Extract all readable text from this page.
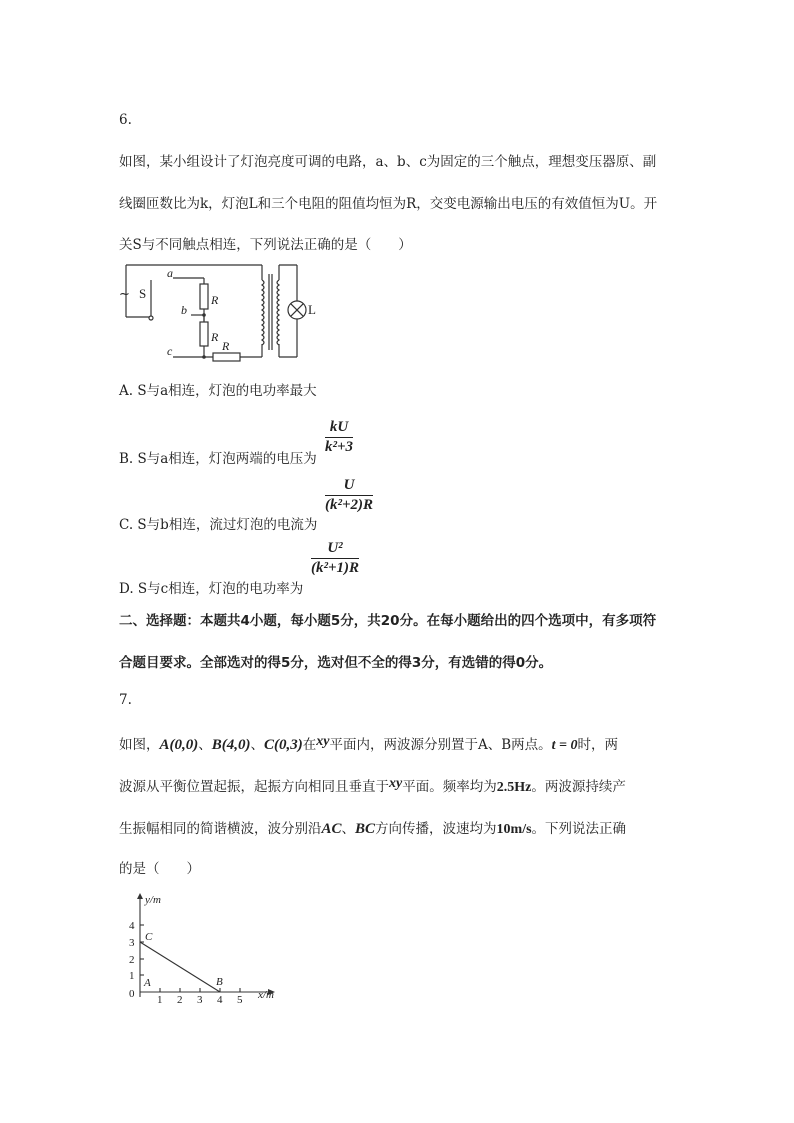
6.
如图，某小组设计了灯泡亮度可调的电路，a、b、c为固定的三个触点，理想变压器原、副
线圈匝数比为k，灯泡L和三个电阻的阻值均恒为R，交变电源输出电压的有效值恒为U。开
关S与不同触点相连，下列说法正确的是（　　）
a
b
c
R
R
R
~ S
L
A. S与a相连，灯泡的电功率最大
B. S与a相连，灯泡两端的电压为
$\frac{kU}{\text{k²+3}}$
C. S与b相连，流过灯泡的电流为
$\frac{U}{\text{(k²+2)R}}$
D. S与c相连，灯泡的电功率为
$\frac{\text{U²}}{\text{(k²+1)R}}$
二、选择题：本题共4小题，每小题5分，共20分。在每小题给出的四个选项中，有多项符
合题目要求。全部选对的得5分，选对但不全的得3分，有选错的得0分。
7.
如图，A(0,0)、B(4,0)、C(0,3)在xy平面内，两波源分别置于A、B两点。t = 0时，两
波源从平衡位置起振，起振方向相同且垂直于xy平面。频率均为2.5Hz。两波源持续产
生振幅相同的简谐横波，波分别沿AC、BC方向传播，波速均为10m/s。下列说法正确
的是（　　）
y/m
x/m
4
3
2
1
0 1 2 3 4 5
C
A	B
